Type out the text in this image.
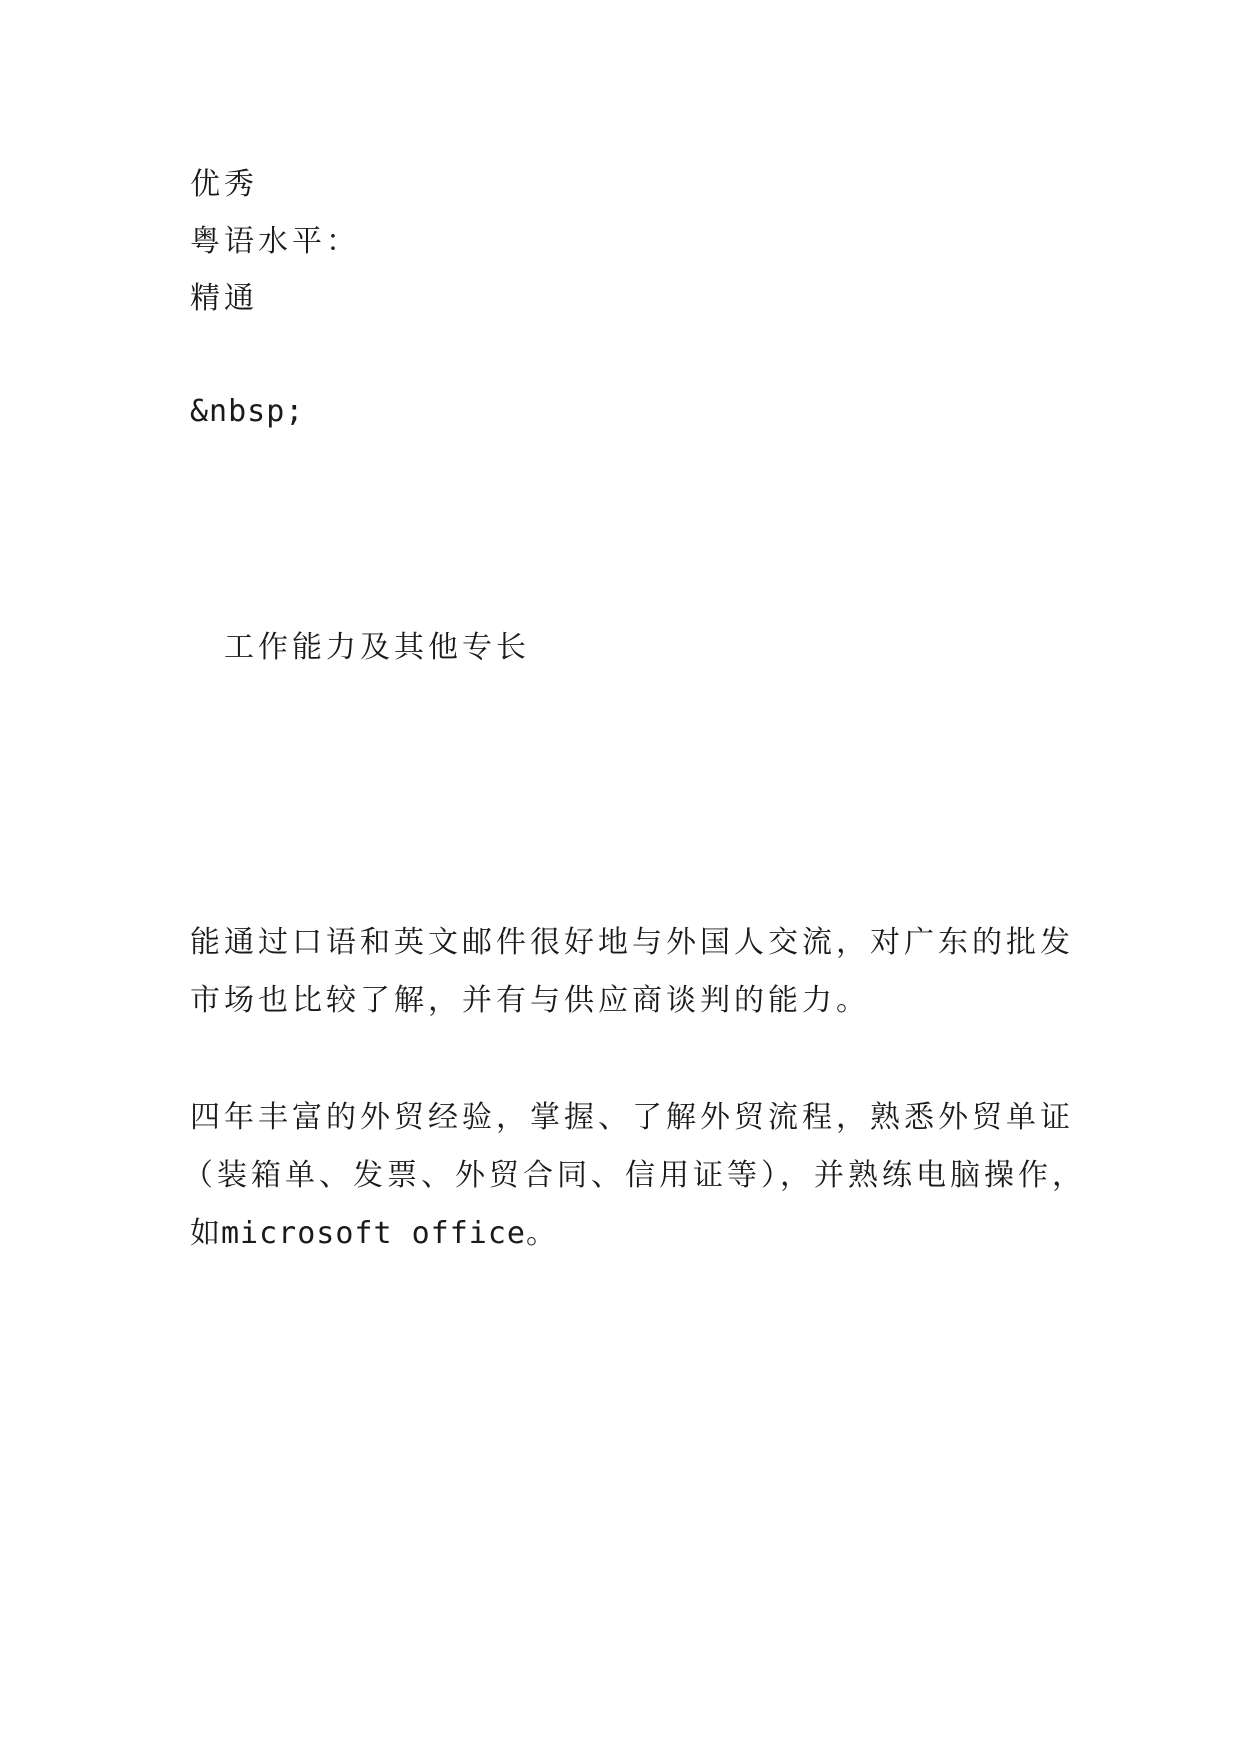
优秀
粤语水平：
精通
&nbsp;
工作能力及其他专长
能通过口语和英文邮件很好地与外国人交流，对广东的批发
市场也比较了解，并有与供应商谈判的能力。
四年丰富的外贸经验，掌握、了解外贸流程，熟悉外贸单证
（装箱单、发票、外贸合同、信用证等），并熟练电脑操作，
如microsoft office。
